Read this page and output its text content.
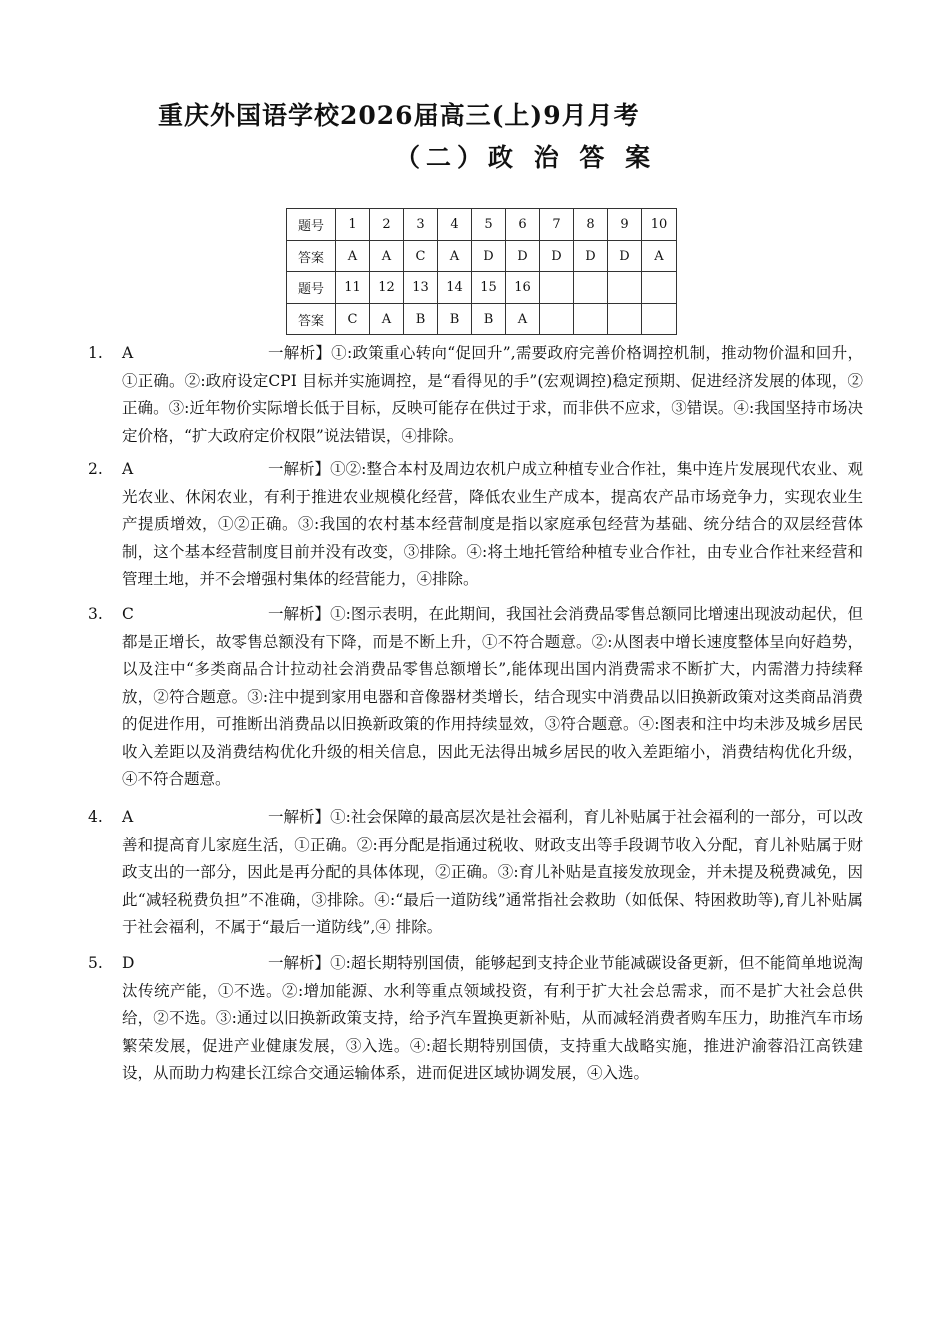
重庆外国语学校2026届高三(上)9月月考
（二）政 治 答 案
题号	1	2	3	4	5	6	7	8	9	10
答案	A	A	C	A	D	D	D	D	D	A
题号	11	12	13	14	15	16				
答案	C	A	B	B	B	A				
1. A	一解析】①:政策重心转向“促回升”,需要政府完善价格调控机制，推动物价温和回升，①正确。②:政府设定CPI 目标并实施调控，是“看得见的手”(宏观调控)稳定预期、促进经济发展的体现，②正确。③:近年物价实际增长低于目标，反映可能存在供过于求，而非供不应求，③错误。④:我国坚持市场决定价格，“扩大政府定价权限”说法错误，④排除。
2. A	一解析】①②:整合本村及周边农机户成立种植专业合作社，集中连片发展现代农业、观光农业、休闲农业，有利于推进农业规模化经营，降低农业生产成本，提高农产品市场竞争力，实现农业生产提质增效，①②正确。③:我国的农村基本经营制度是指以家庭承包经营为基础、统分结合的双层经营体制，这个基本经营制度目前并没有改变，③排除。④:将土地托管给种植专业合作社，由专业合作社来经营和管理土地，并不会增强村集体的经营能力，④排除。
3. C	一解析】①:图示表明，在此期间，我国社会消费品零售总额同比增速出现波动起伏，但都是正增长，故零售总额没有下降，而是不断上升，①不符合题意。②:从图表中增长速度整体呈向好趋势，以及注中“多类商品合计拉动社会消费品零售总额增长”,能体现出国内消费需求不断扩大，内需潜力持续释放，②符合题意。③:注中提到家用电器和音像器材类增长，结合现实中消费品以旧换新政策对这类商品消费的促进作用，可推断出消费品以旧换新政策的作用持续显效，③符合题意。④:图表和注中均未涉及城乡居民收入差距以及消费结构优化升级的相关信息，因此无法得出城乡居民的收入差距缩小，消费结构优化升级，④不符合题意。
4. A	一解析】①:社会保障的最高层次是社会福利，育儿补贴属于社会福利的一部分，可以改善和提高育儿家庭生活，①正确。②:再分配是指通过税收、财政支出等手段调节收入分配，育儿补贴属于财政支出的一部分，因此是再分配的具体体现，②正确。③:育儿补贴是直接发放现金，并未提及税费减免，因此“减轻税费负担”不准确，③排除。④:“最后一道防线”通常指社会救助（如低保、特困救助等),育儿补贴属于社会福利，不属于“最后一道防线”,④ 排除。
5. D	一解析】①:超长期特别国债，能够起到支持企业节能减碳设备更新，但不能简单地说淘汰传统产能，①不选。②:增加能源、水利等重点领域投资，有利于扩大社会总需求，而不是扩大社会总供给，②不选。③:通过以旧换新政策支持，给予汽车置换更新补贴，从而减轻消费者购车压力，助推汽车市场繁荣发展，促进产业健康发展，③入选。④:超长期特别国债，支持重大战略实施，推进沪渝蓉沿江高铁建设，从而助力构建长江综合交通运输体系，进而促进区域协调发展，④入选。
